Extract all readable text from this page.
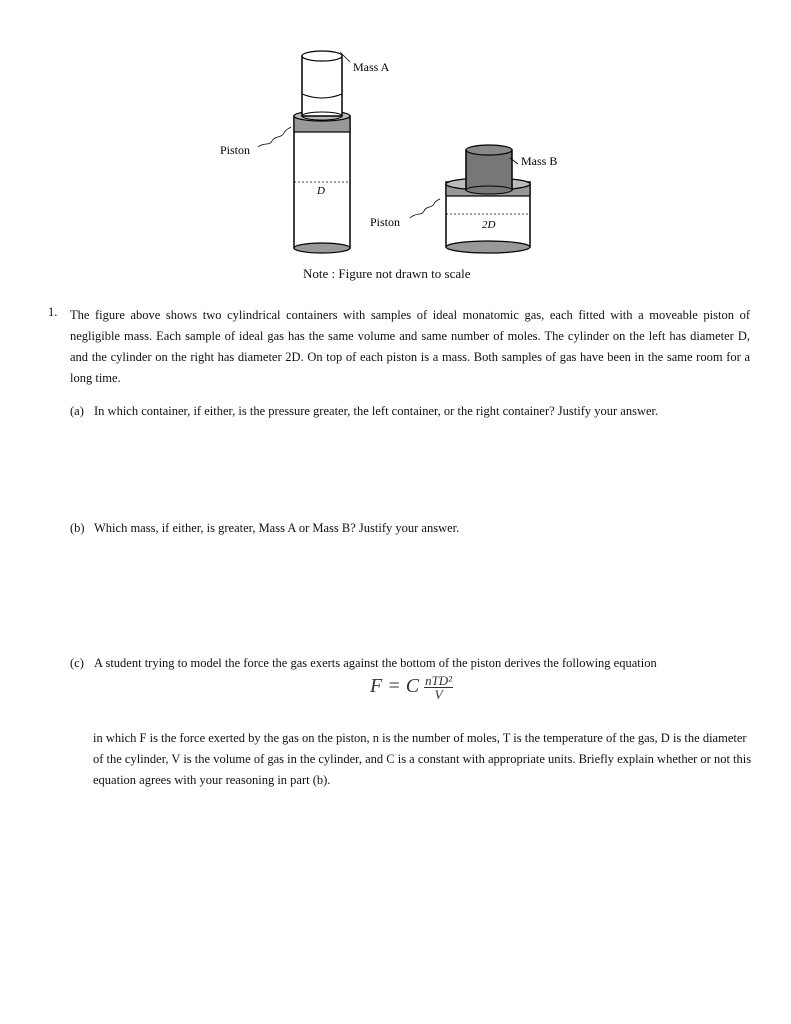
Mass A
Mass B
Piston
Piston
D
2D
Note : Figure not drawn to scale
1. The figure above shows two cylindrical containers with samples of ideal monatomic gas, each fitted with a moveable piston of negligible mass. Each sample of ideal gas has the same volume and same number of moles. The cylinder on the left has diameter D, and the cylinder on the right has diameter 2D. On top of each piston is a mass. Both samples of gas have been in the same room for a long time.
(a) In which container, if either, is the pressure greater, the left container, or the right container? Justify your answer.
(b) Which mass, if either, is greater, Mass A or Mass B? Justify your answer.
(c) A student trying to model the force the gas exerts against the bottom of the piston derives the following equation
F = C $\frac{\text{nTD²}}{V}$
in which F is the force exerted by the gas on the piston, n is the number of moles, T is the temperature of the gas, D is the diameter of the cylinder, V is the volume of gas in the cylinder, and C is a constant with appropriate units. Briefly explain whether or not this equation agrees with your reasoning in part (b).
